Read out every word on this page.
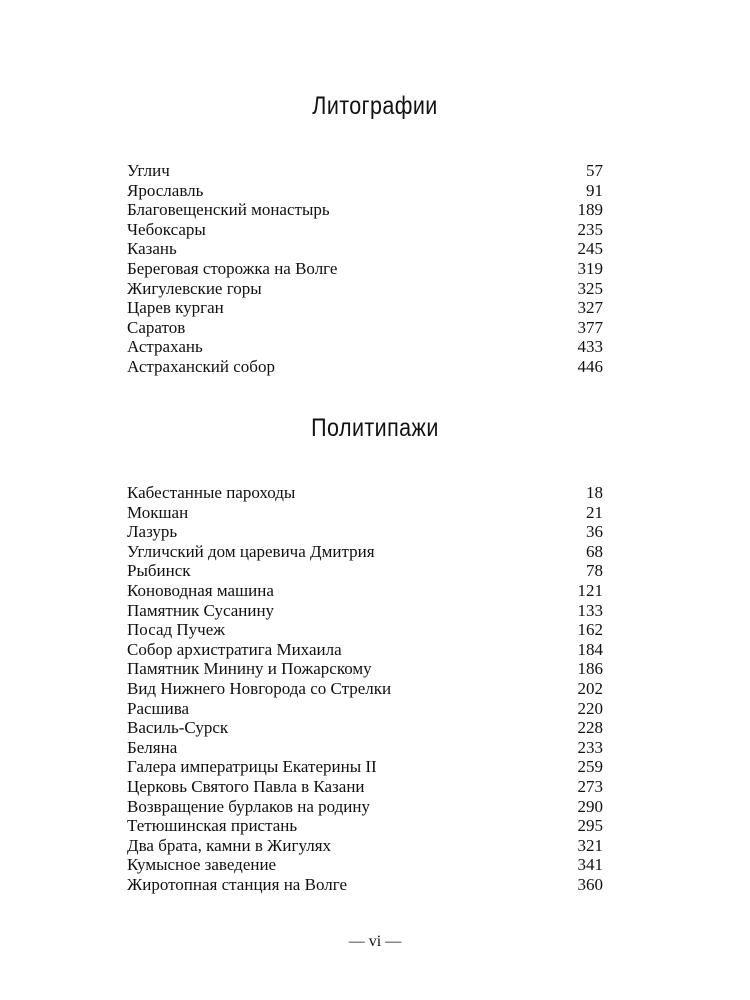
Литографии
Углич	57
Ярославль	91
Благовещенский монастырь	189
Чебоксары	235
Казань	245
Береговая сторожка на Волге	319
Жигулевские горы	325
Царев курган	327
Саратов	377
Астрахань	433
Астраханский собор	446
Политипажи
Кабестанные пароходы	18
Мокшан	21
Лазурь	36
Угличский дом царевича Дмитрия	68
Рыбинск	78
Коноводная машина	121
Памятник Сусанину	133
Посад Пучеж	162
Собор архистратига Михаила	184
Памятник Минину и Пожарскому	186
Вид Нижнего Новгорода со Стрелки	202
Расшива	220
Василь-Сурск	228
Беляна	233
Галера императрицы Екатерины II	259
Церковь Святого Павла в Казани	273
Возвращение бурлаков на родину	290
Тетюшинская пристань	295
Два брата, камни в Жигулях	321
Кумысное заведение	341
Жиротопная станция на Волге	360
— vi —
